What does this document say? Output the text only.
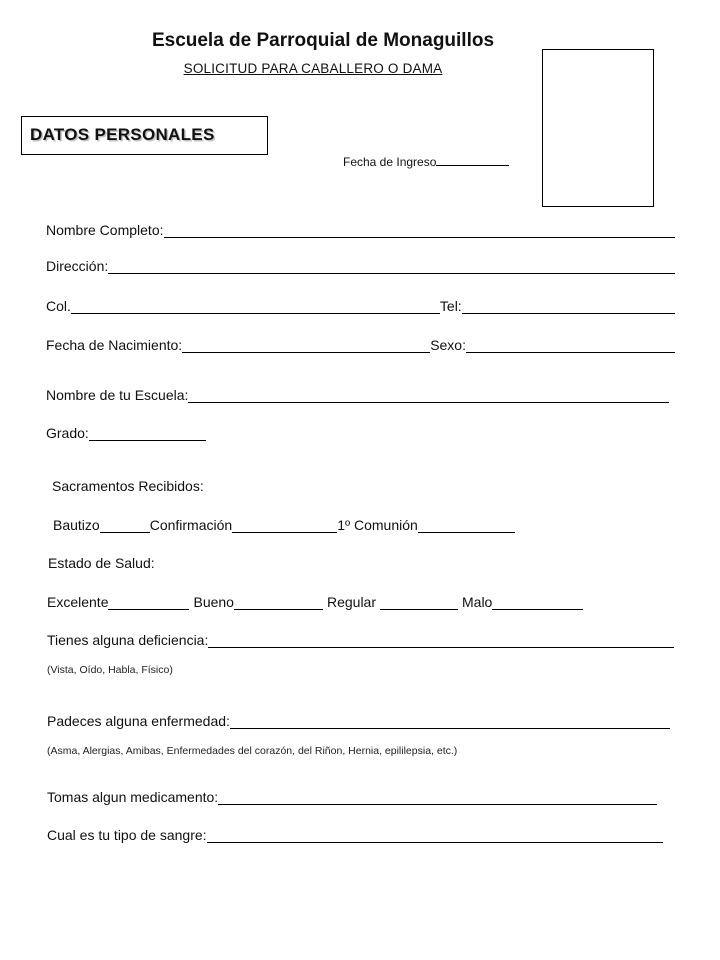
Escuela de Parroquial de Monaguillos
SOLICITUD PARA CABALLERO O DAMA
DATOS PERSONALES
Fecha de Ingreso
Nombre Completo:
Dirección:
Col.	Tel:
Fecha de Nacimiento:	Sexo:
Nombre de tu Escuela:
Grado:
Sacramentos Recibidos:
Bautizo	Confirmación	1º Comunión
Estado de Salud:
Excelente	Bueno	Regular	Malo
Tienes alguna deficiencia:
(Vista, Oído, Habla, Físico)
Padeces alguna enfermedad:
(Asma, Alergias, Amibas, Enfermedades del corazón, del Riñon, Hernia, epililepsia, etc.)
Tomas algun medicamento:
Cual es tu tipo de sangre:
